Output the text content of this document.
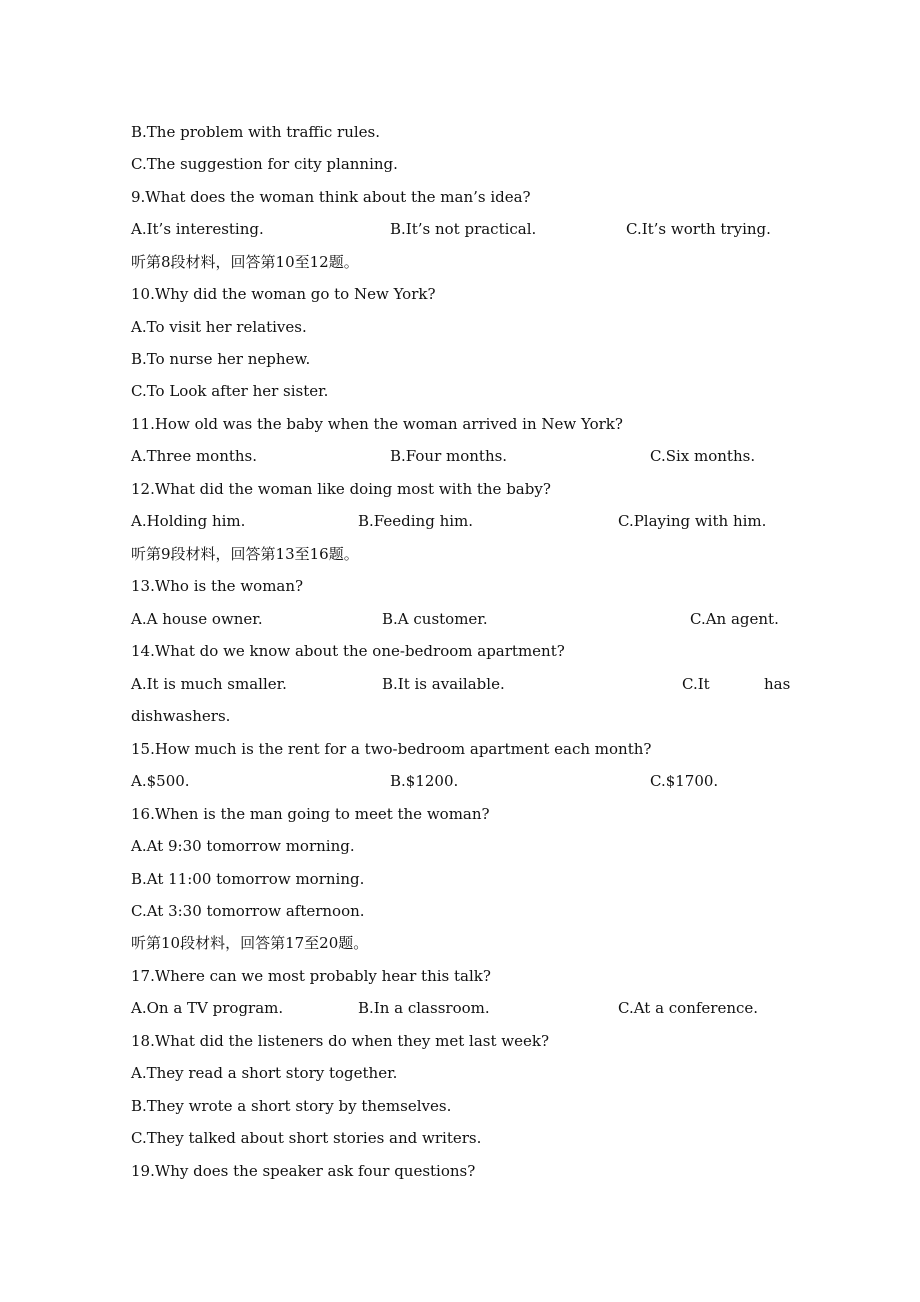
B.The problem with traffic rules.
C.The suggestion for city planning.
9.What does the woman think about the man’s idea?
A.It’s interesting.	B.It’s not practical.	C.It’s worth trying.
听第8段材料，回答第10至12题。
10.Why did the woman go to New York?
A.To visit her relatives.
B.To nurse her nephew.
C.To Look after her sister.
11.How old was the baby when the woman arrived in New York?
A.Three months.	B.Four months.	C.Six months.
12.What did the woman like doing most with the baby?
A.Holding him.	B.Feeding him.	C.Playing with him.
听第9段材料，回答第13至16题。
13.Who is the woman?
A.A house owner.	B.A customer.	C.An agent.
14.What do we know about the one-bedroom apartment?
A.It is much smaller.	B.It is available.	C.It	has
dishwashers.
15.How much is the rent for a two-bedroom apartment each month?
A.$500.	B.$1200.	C.$1700.
16.When is the man going to meet the woman?
A.At 9:30 tomorrow morning.
B.At 11:00 tomorrow morning.
C.At 3:30 tomorrow afternoon.
听第10段材料，回答第17至20题。
17.Where can we most probably hear this talk?
A.On a TV program.	B.In a classroom.	C.At a conference.
18.What did the listeners do when they met last week?
A.They read a short story together.
B.They wrote a short story by themselves.
C.They talked about short stories and writers.
19.Why does the speaker ask four questions?
